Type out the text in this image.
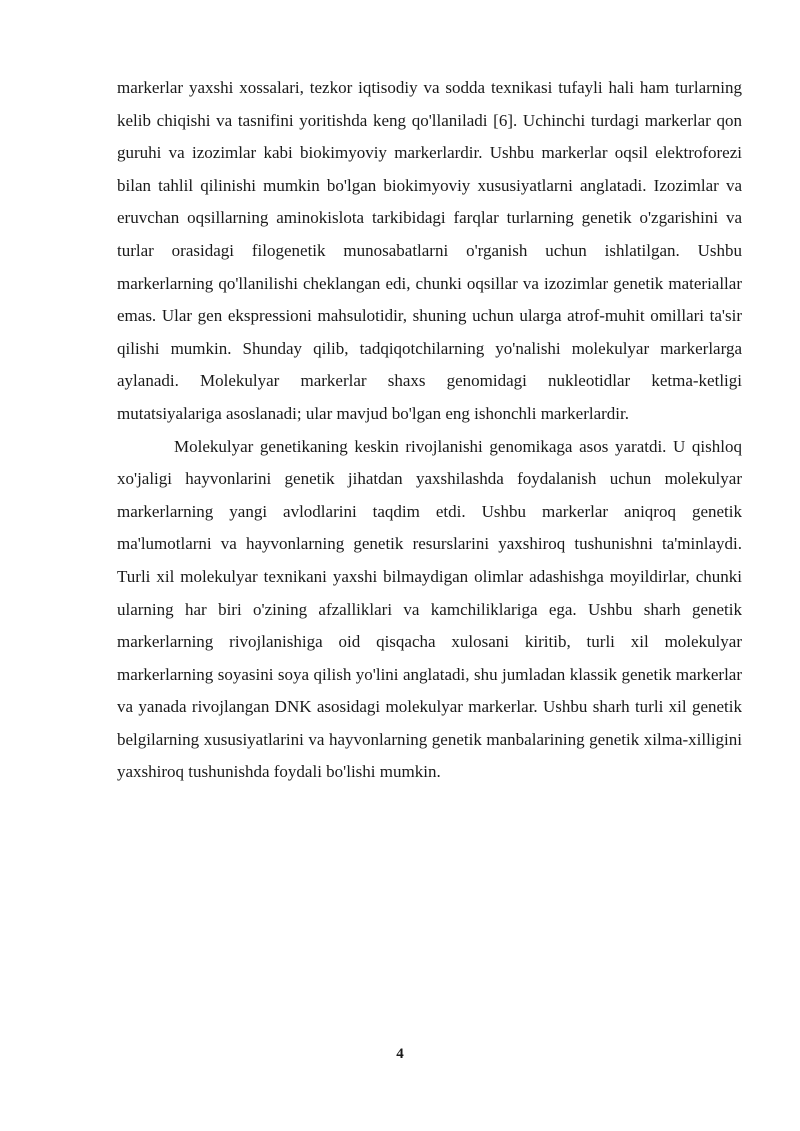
markerlar yaxshi xossalari, tezkor iqtisodiy va sodda texnikasi tufayli hali ham turlarning kelib chiqishi va tasnifini yoritishda keng qo'llaniladi [6]. Uchinchi turdagi markerlar qon guruhi va izozimlar kabi biokimyoviy markerlardir. Ushbu markerlar oqsil elektroforezi bilan tahlil qilinishi mumkin bo'lgan biokimyoviy xususiyatlarni anglatadi. Izozimlar va eruvchan oqsillarning aminokislota tarkibidagi farqlar turlarning genetik o'zgarishini va turlar orasidagi filogenetik munosabatlarni o'rganish uchun ishlatilgan. Ushbu markerlarning qo'llanilishi cheklangan edi, chunki oqsillar va izozimlar genetik materiallar emas. Ular gen ekspressioni mahsulotidir, shuning uchun ularga atrof-muhit omillari ta'sir qilishi mumkin. Shunday qilib, tadqiqotchilarning yo'nalishi molekulyar markerlarga aylanadi. Molekulyar markerlar shaxs genomidagi nukleotidlar ketma-ketligi mutatsiyalariga asoslanadi; ular mavjud bo'lgan eng ishonchli markerlardir.

Molekulyar genetikaning keskin rivojlanishi genomikaga asos yaratdi. U qishloq xo'jaligi hayvonlarini genetik jihatdan yaxshilashda foydalanish uchun molekulyar markerlarning yangi avlodlarini taqdim etdi. Ushbu markerlar aniqroq genetik ma'lumotlarni va hayvonlarning genetik resurslarini yaxshiroq tushunishni ta'minlaydi. Turli xil molekulyar texnikani yaxshi bilmaydigan olimlar adashishga moyildirlar, chunki ularning har biri o'zining afzalliklari va kamchiliklariga ega. Ushbu sharh genetik markerlarning rivojlanishiga oid qisqacha xulosani kiritib, turli xil molekulyar markerlarning soyasini soya qilish yo'lini anglatadi, shu jumladan klassik genetik markerlar va yanada rivojlangan DNK asosidagi molekulyar markerlar. Ushbu sharh turli xil genetik belgilarning xususiyatlarini va hayvonlarning genetik manbalarining genetik xilma-xilligini yaxshiroq tushunishda foydali bo'lishi mumkin.

4
